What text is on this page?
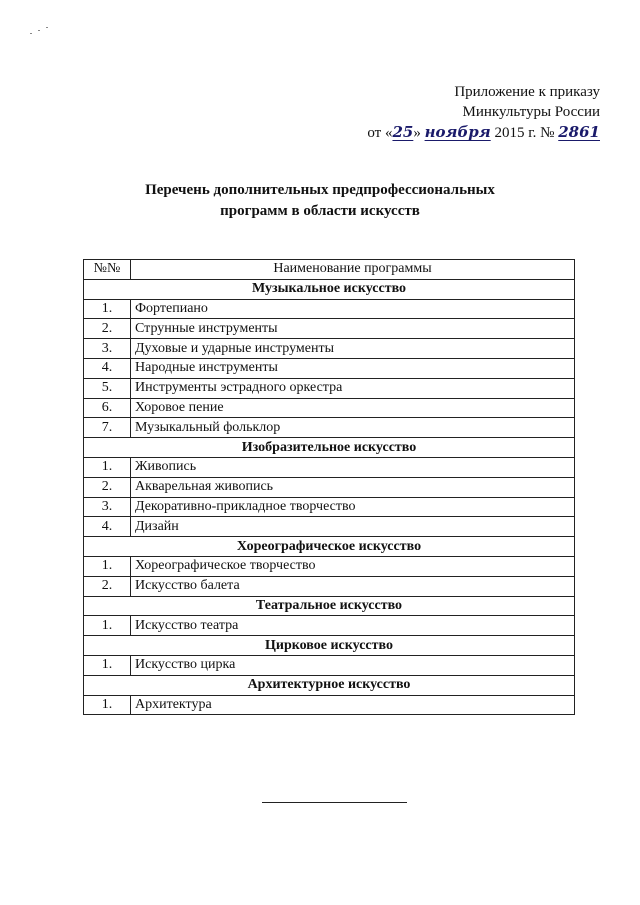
Приложение к приказу
Минкультуры России
от «25» ноября 2015 г. № 2861
Перечень дополнительных предпрофессиональных
программ в области искусств
№№	Наименование программы
Музыкальное искусство	
1.	Фортепиано
2.	Струнные инструменты
3.	Духовые и ударные инструменты
4.	Народные инструменты
5.	Инструменты эстрадного оркестра
6.	Хоровое пение
7.	Музыкальный фольклор
Изобразительное искусство	
1.	Живопись
2.	Акварельная живопись
3.	Декоративно-прикладное творчество
4.	Дизайн
Хореографическое искусство	
1.	Хореографическое творчество
2.	Искусство балета
Театральное искусство	
1.	Искусство театра
Цирковое искусство	
1.	Искусство цирка
Архитектурное искусство	
1.	Архитектура
